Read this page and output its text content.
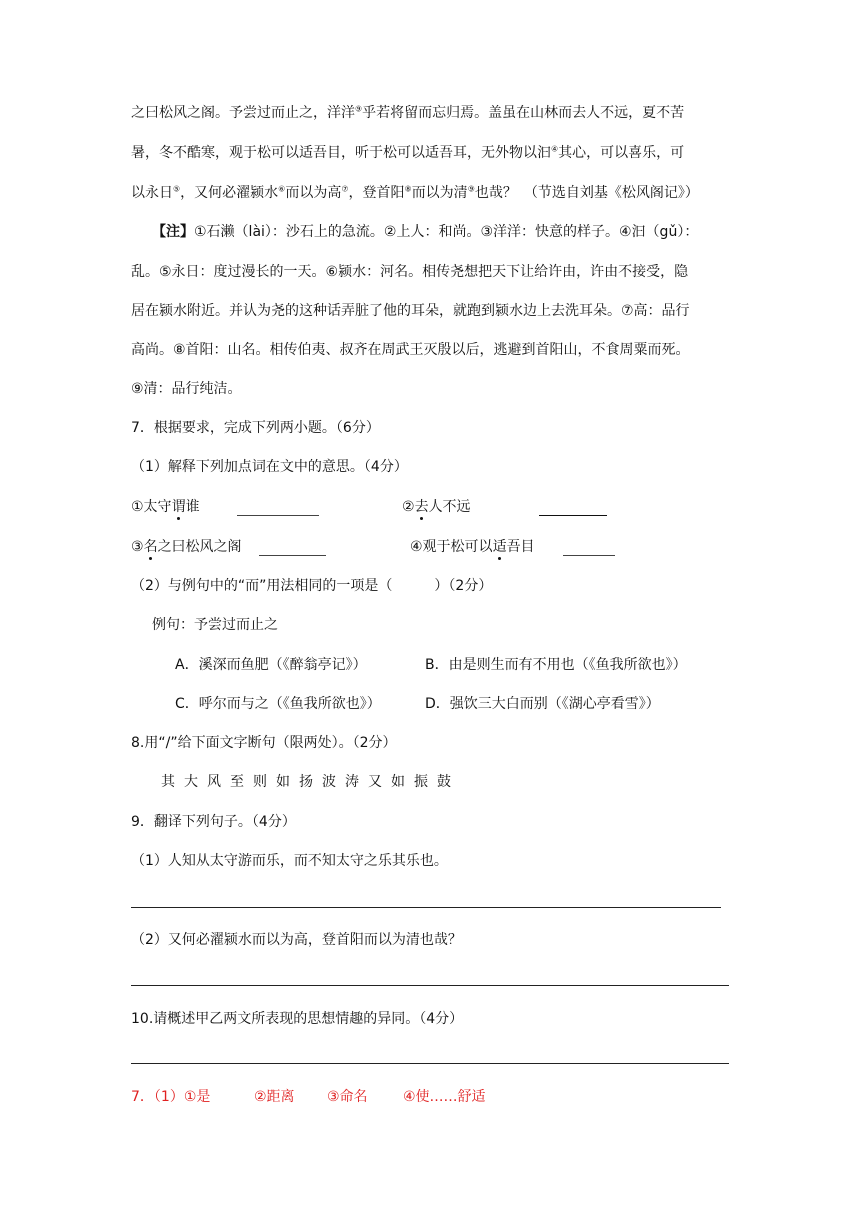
之曰松风之阁。予尝过而止之，洋洋⑨乎若将留而忘归焉。盖虽在山林而去人不远，夏不苦
暑，冬不酷寒，观于松可以适吾目，听于松可以适吾耳，无外物以汩④其心，可以喜乐，可
以永日⑤，又何必濯颍水⑥而以为高⑦，登首阳⑧而以为清⑨也哉？　（节选自刘基《松风阁记》）
【注】①石濑（lài）：沙石上的急流。②上人：和尚。③洋洋：快意的样子。④汩（gǔ）：
乱。⑤永日：度过漫长的一天。⑥颍水：河名。相传尧想把天下让给许由，许由不接受，隐
居在颍水附近。并认为尧的这种话弄脏了他的耳朵，就跑到颍水边上去洗耳朵。⑦高：品行
高尚。⑧首阳：山名。相传伯夷、叔齐在周武王灭殷以后，逃避到首阳山，不食周粟而死。
⑨清：品行纯洁。
7．根据要求，完成下列两小题。（6分）
（1）解释下列加点词在文中的意思。（4分）
①太守谓谁	②去人不远
③名之曰松风之阁	④观于松可以适吾目
（2）与例句中的“而”用法相同的一项是（　　　）（2分）
例句：予尝过而止之
A．溪深而鱼肥（《醉翁亭记》）	B．由是则生而有不用也（《鱼我所欲也》）
C．呼尔而与之（《鱼我所欲也》）	D．强饮三大白而别（《湖心亭看雪》）
8.用“/”给下面文字断句（限两处）。（2分）
其大风至则如扬波涛又如振鼓
9．翻译下列句子。（4分）
（1）人知从太守游而乐，而不知太守之乐其乐也。
（2）又何必濯颍水而以为高，登首阳而以为清也哉？
10.请概述甲乙两文所表现的思想情趣的异同。（4分）
7．（1）①是	②距离 ③命名	④使……舒适
